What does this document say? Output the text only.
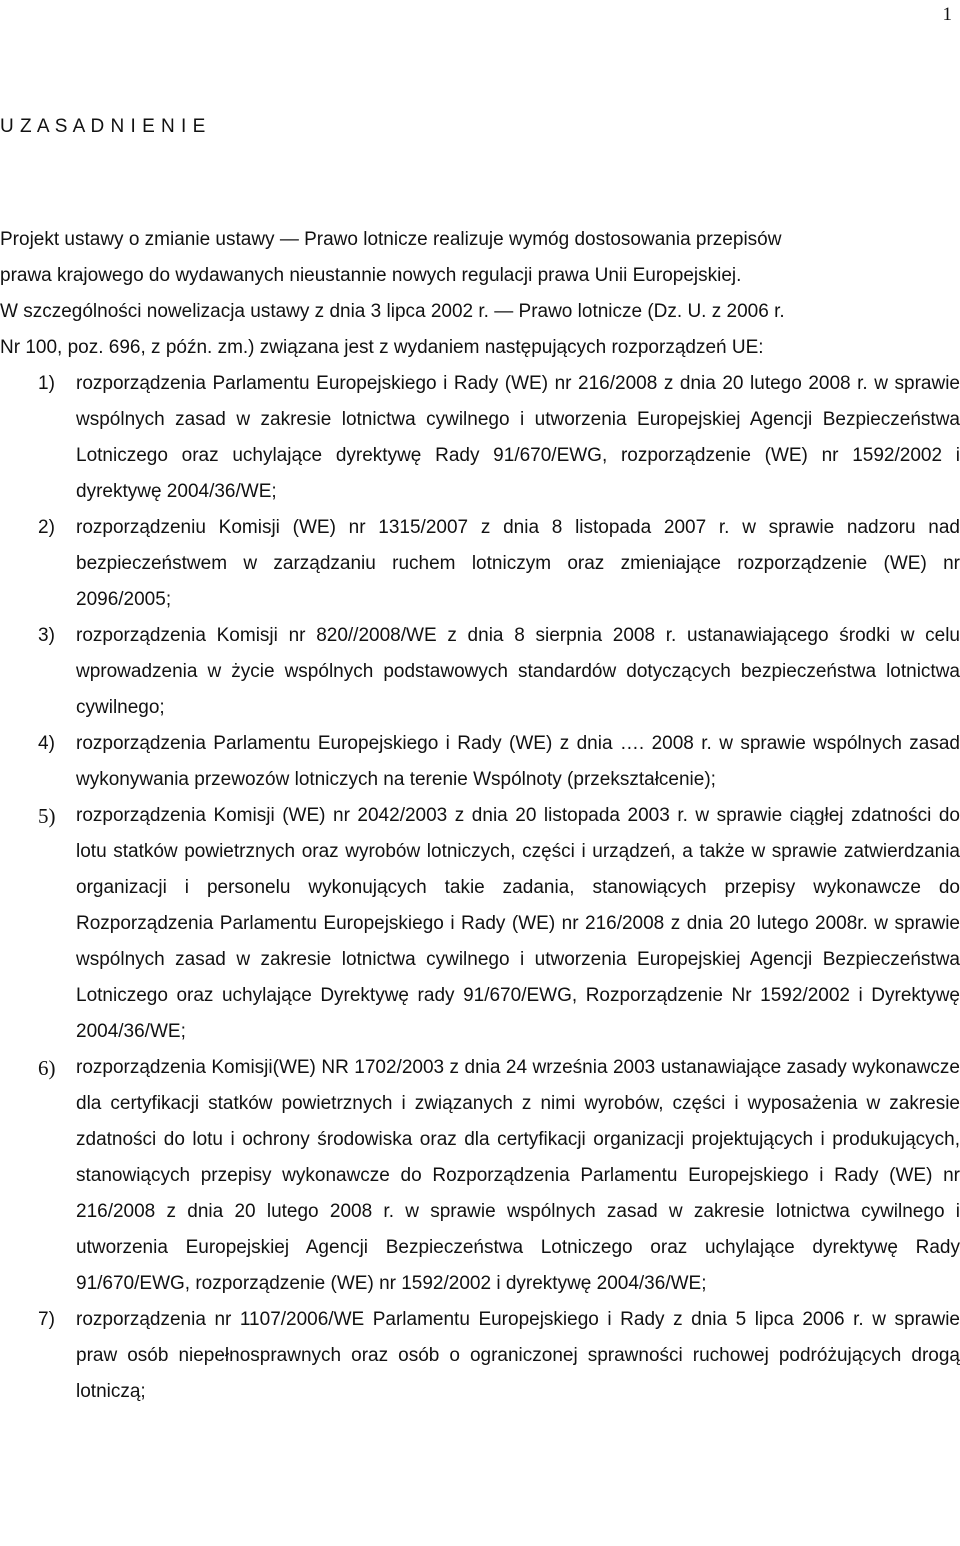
1
U Z A S A D N I E N I E

Projekt ustawy o zmianie ustawy — Prawo lotnicze realizuje wymóg dostosowania przepisów
prawa krajowego do wydawanych nieustannie nowych regulacji prawa Unii Europejskiej.
W szczególności nowelizacja ustawy z dnia 3 lipca 2002 r. — Prawo lotnicze (Dz. U. z 2006 r.
Nr 100, poz. 696, z późn. zm.) związana jest z wydaniem następujących rozporządzeń UE:

1)	rozporządzenia Parlamentu Europejskiego i Rady (WE) nr 216/2008 z dnia 20 lutego 2008 r. w sprawie wspólnych zasad w zakresie lotnictwa cywilnego i utworzenia Europejskiej Agencji Bezpieczeństwa Lotniczego oraz uchylające dyrektywę Rady 91/670/EWG, rozporządzenie (WE) nr 1592/2002 i dyrektywę 2004/36/WE;
2)	rozporządzeniu Komisji (WE) nr 1315/2007 z dnia 8 listopada 2007 r. w sprawie nadzoru nad bezpieczeństwem w zarządzaniu ruchem lotniczym oraz zmieniające rozporządzenie (WE) nr 2096/2005;
3)	rozporządzenia Komisji nr 820//2008/WE z dnia 8 sierpnia 2008 r. ustanawiającego środki w celu wprowadzenia w życie wspólnych podstawowych standardów dotyczących bezpieczeństwa lotnictwa cywilnego;
4)	rozporządzenia Parlamentu Europejskiego i Rady (WE) z dnia …. 2008 r. w sprawie wspólnych zasad wykonywania przewozów lotniczych na terenie Wspólnoty (przekształcenie);
5)	rozporządzenia Komisji (WE) nr 2042/2003 z dnia 20 listopada 2003 r. w sprawie ciągłej zdatności do lotu statków powietrznych oraz wyrobów lotniczych, części i urządzeń, a także w sprawie zatwierdzania organizacji i personelu wykonujących takie zadania, stanowiących przepisy wykonawcze do Rozporządzenia Parlamentu Europejskiego i Rady (WE) nr 216/2008 z dnia 20 lutego 2008r. w sprawie wspólnych zasad w zakresie lotnictwa cywilnego i utworzenia Europejskiej Agencji Bezpieczeństwa Lotniczego oraz uchylające Dyrektywę rady 91/670/EWG, Rozporządzenie Nr 1592/2002 i Dyrektywę 2004/36/WE;
6)	rozporządzenia Komisji(WE) NR 1702/2003 z dnia 24 września 2003 ustanawiające zasady wykonawcze dla certyfikacji statków powietrznych i związanych z nimi wyrobów, części i wyposażenia w zakresie zdatności do lotu i ochrony środowiska oraz dla certyfikacji organizacji projektujących i produkujących, stanowiących przepisy wykonawcze do Rozporządzenia Parlamentu Europejskiego i Rady (WE) nr 216/2008 z dnia 20 lutego 2008 r. w sprawie wspólnych zasad w zakresie lotnictwa cywilnego i utworzenia Europejskiej Agencji Bezpieczeństwa Lotniczego oraz uchylające dyrektywę Rady 91/670/EWG, rozporządzenie (WE) nr 1592/2002 i dyrektywę 2004/36/WE;
7)	rozporządzenia nr 1107/2006/WE Parlamentu Europejskiego i Rady z dnia 5 lipca 2006 r. w sprawie praw osób niepełnosprawnych oraz osób o ograniczonej sprawności ruchowej podróżujących drogą lotniczą;
